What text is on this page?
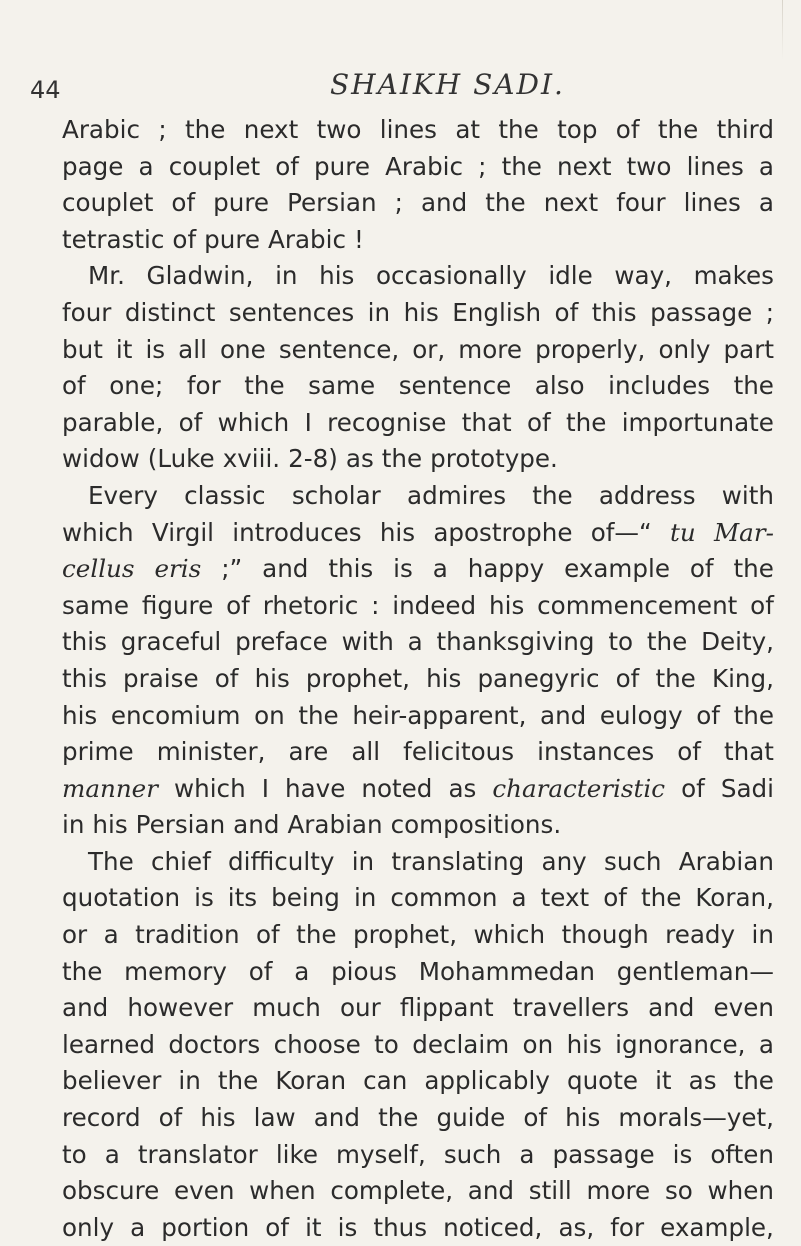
44	SHAIKH SADI.
Arabic ; the next two lines at the top of the third
page a couplet of pure Arabic ; the next two lines a
couplet of pure Persian ; and the next four lines a
tetrastic of pure Arabic !
Mr. Gladwin, in his occasionally idle way, makes
four distinct sentences in his English of this passage ;
but it is all one sentence, or, more properly, only part
of one; for the same sentence also includes the
parable, of which I recognise that of the importunate
widow (Luke xviii. 2-8) as the prototype.
Every classic scholar admires the address with
which Virgil introduces his apostrophe of—“ tu Mar-
cellus eris ;” and this is a happy example of the
same figure of rhetoric : indeed his commencement of
this graceful preface with a thanksgiving to the Deity,
this praise of his prophet, his panegyric of the King,
his encomium on the heir-apparent, and eulogy of the
prime minister, are all felicitous instances of that
manner which I have noted as characteristic of Sadi
in his Persian and Arabian compositions.
The chief difficulty in translating any such Arabian
quotation is its being in common a text of the Koran,
or a tradition of the prophet, which though ready in
the memory of a pious Mohammedan gentleman—
and however much our flippant travellers and even
learned doctors choose to declaim on his ignorance, a
believer in the Koran can applicably quote it as the
record of his law and the guide of his morals—yet,
to a translator like myself, such a passage is often
obscure even when complete, and still more so when
only a portion of it is thus noticed, as, for example,
